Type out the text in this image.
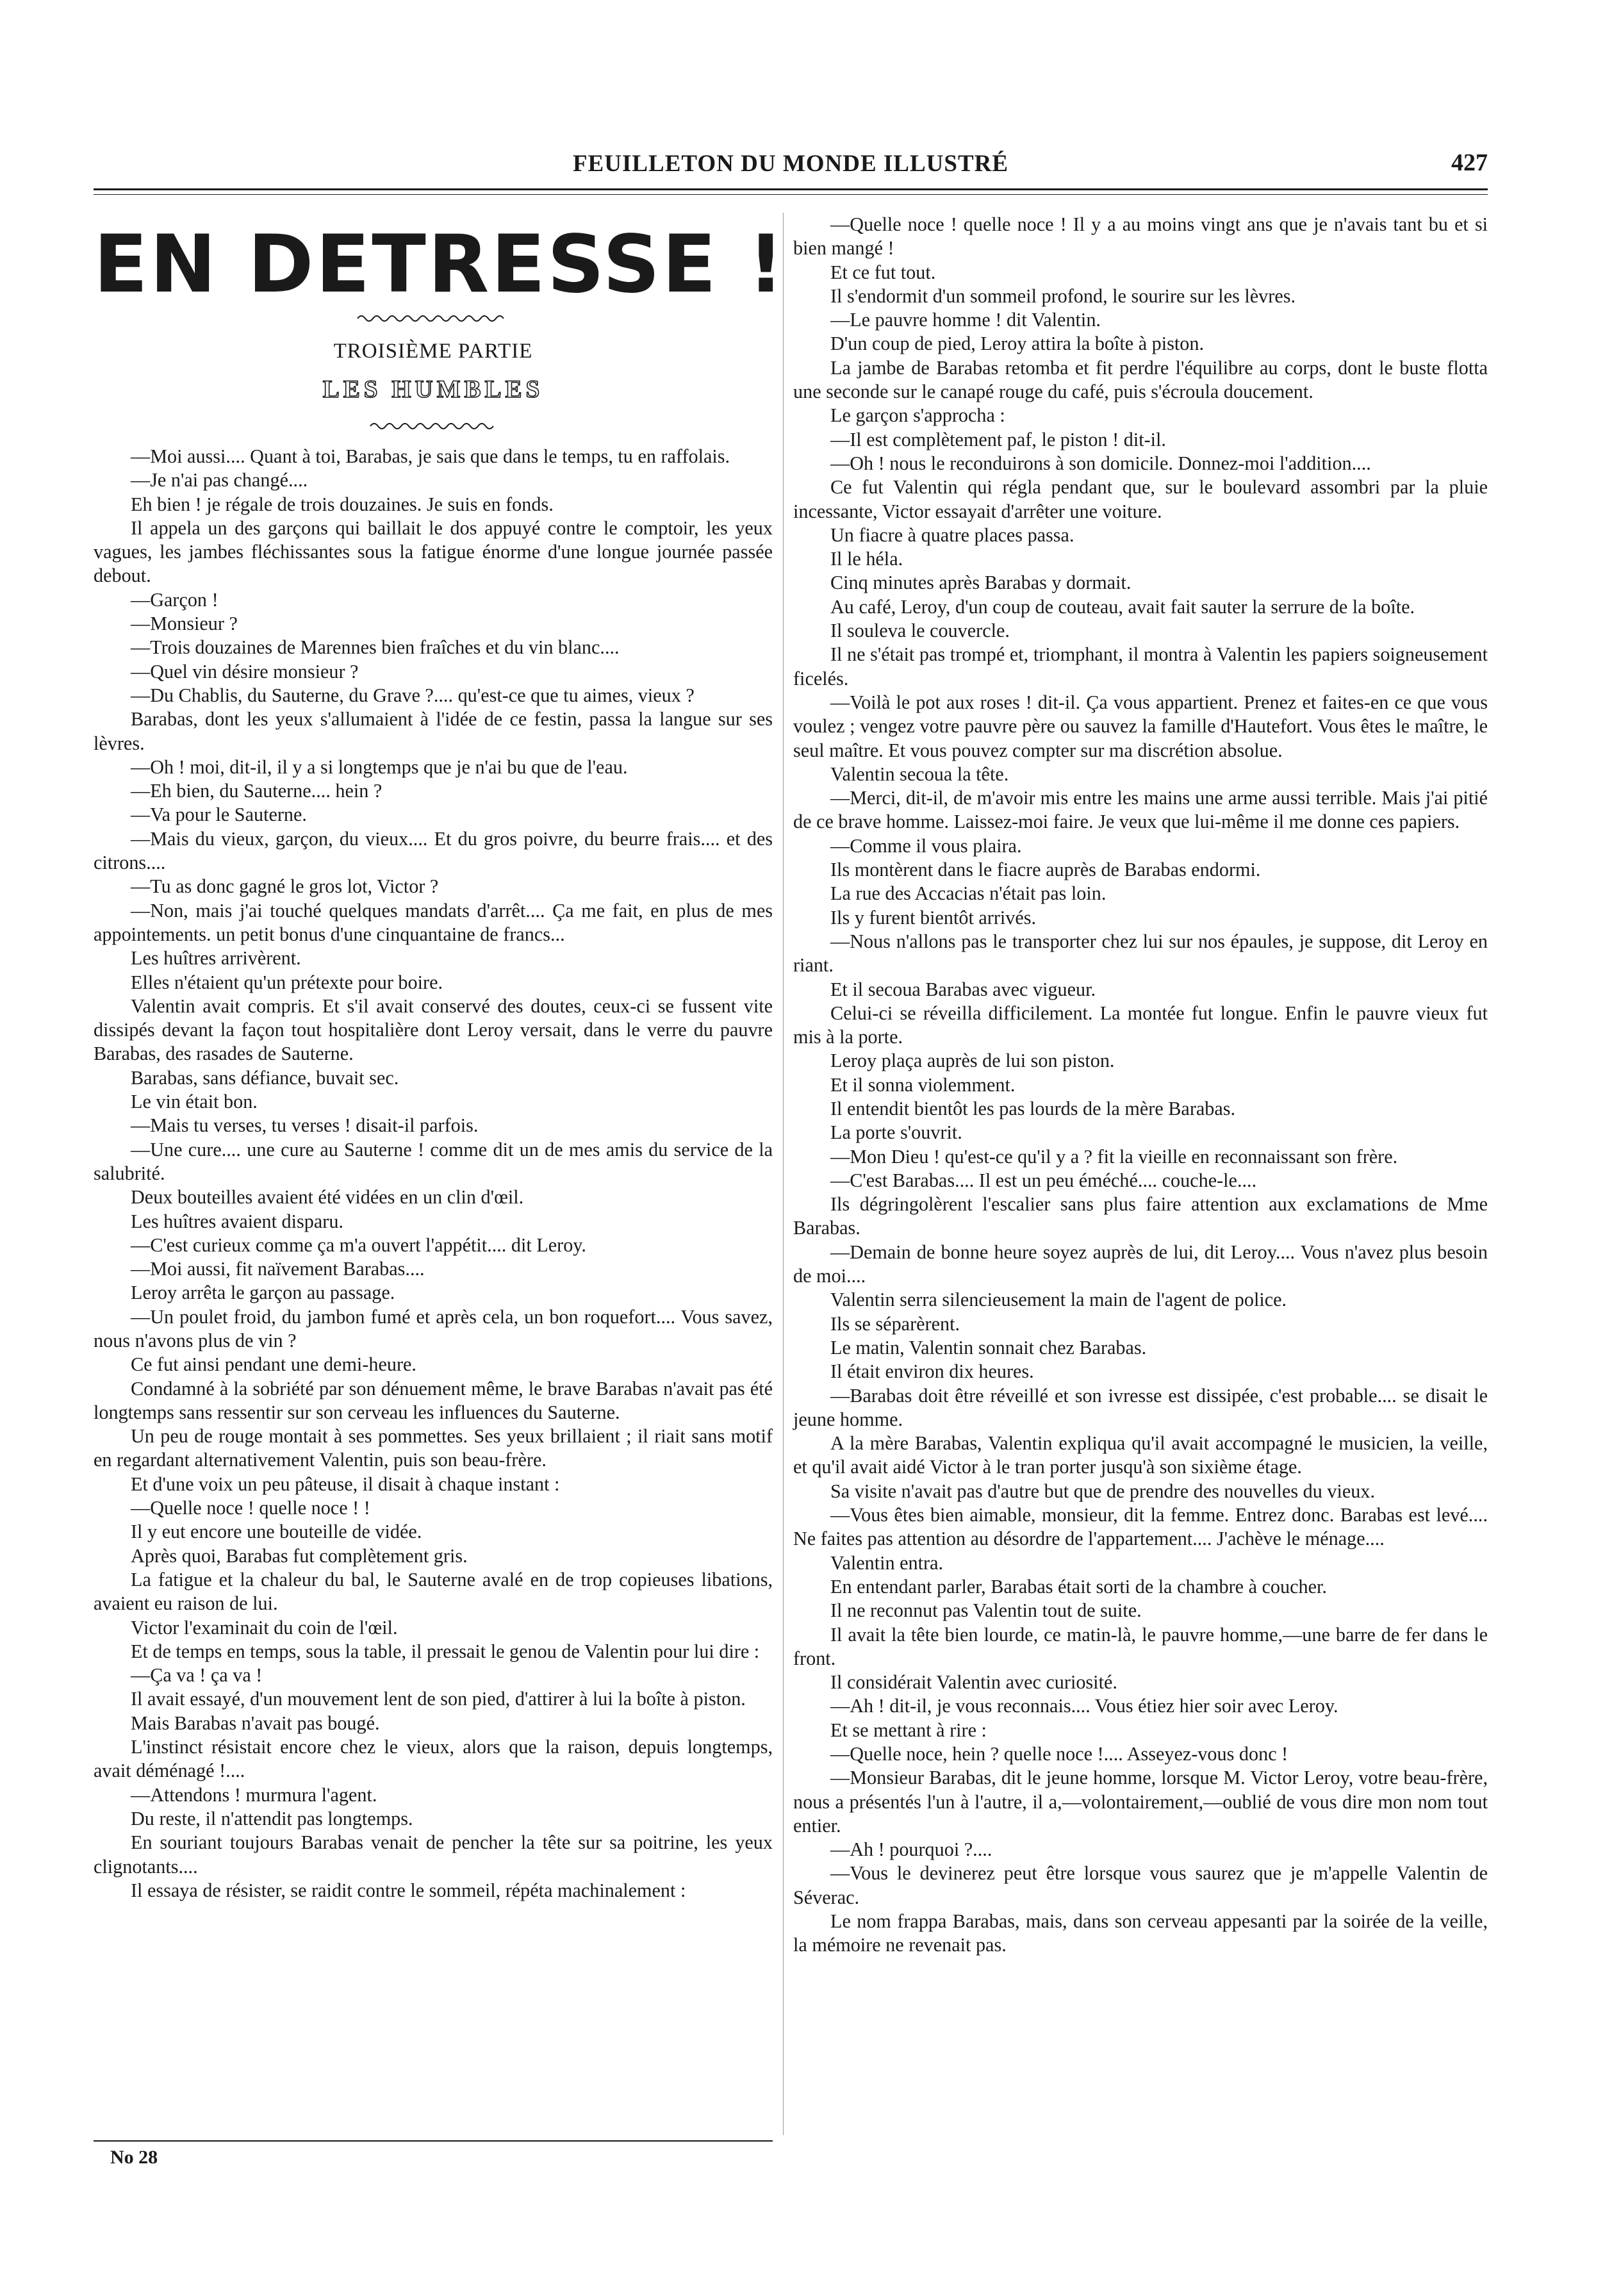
FEUILLETON DU MONDE ILLUSTRÉ	427
EN DETRESSE !
TROISIÈME PARTIE
LES HUMBLES

—Moi aussi.... Quant à toi, Barabas, je sais que dans le temps, tu en raffolais.

—Je n'ai pas changé....

Eh bien ! je régale de trois douzaines. Je suis en fonds.

Il appela un des garçons qui baillait le dos appuyé contre le comptoir, les yeux vagues, les jambes fléchissantes sous la fatigue énorme d'une longue journée passée debout.

—Garçon !

—Monsieur ?

—Trois douzaines de Marennes bien fraîches et du vin blanc....

—Quel vin désire monsieur ?

—Du Chablis, du Sauterne, du Grave ?.... qu'est-ce que tu aimes, vieux ?

Barabas, dont les yeux s'allumaient à l'idée de ce festin, passa la langue sur ses lèvres.

—Oh ! moi, dit-il, il y a si longtemps que je n'ai bu que de l'eau.

—Eh bien, du Sauterne.... hein ?

—Va pour le Sauterne.

—Mais du vieux, garçon, du vieux.... Et du gros poivre, du beurre frais.... et des citrons....

—Tu as donc gagné le gros lot, Victor ?

—Non, mais j'ai touché quelques mandats d'arrêt.... Ça me fait, en plus de mes appointements. un petit bonus d'une cinquantaine de francs...

Les huîtres arrivèrent.

Elles n'étaient qu'un prétexte pour boire.

Valentin avait compris. Et s'il avait conservé des doutes, ceux-ci se fussent vite dissipés devant la façon tout hospitalière dont Leroy versait, dans le verre du pauvre Barabas, des rasades de Sauterne.

Barabas, sans défiance, buvait sec.

Le vin était bon.

—Mais tu verses, tu verses ! disait-il parfois.

—Une cure.... une cure au Sauterne ! comme dit un de mes amis du service de la salubrité.

Deux bouteilles avaient été vidées en un clin d'œil.

Les huîtres avaient disparu.

—C'est curieux comme ça m'a ouvert l'appétit.... dit Leroy.

—Moi aussi, fit naïvement Barabas....

Leroy arrêta le garçon au passage.

—Un poulet froid, du jambon fumé et après cela, un bon roquefort.... Vous savez, nous n'avons plus de vin ?

Ce fut ainsi pendant une demi-heure.

Condamné à la sobriété par son dénuement même, le brave Barabas n'avait pas été longtemps sans ressentir sur son cerveau les influences du Sauterne.

Un peu de rouge montait à ses pommettes. Ses yeux brillaient ; il riait sans motif en regardant alternativement Valentin, puis son beau-frère.

Et d'une voix un peu pâteuse, il disait à chaque instant :

—Quelle noce ! quelle noce ! !

Il y eut encore une bouteille de vidée.

Après quoi, Barabas fut complètement gris.

La fatigue et la chaleur du bal, le Sauterne avalé en de trop copieuses libations, avaient eu raison de lui.

Victor l'examinait du coin de l'œil.

Et de temps en temps, sous la table, il pressait le genou de Valentin pour lui dire :

—Ça va ! ça va !

Il avait essayé, d'un mouvement lent de son pied, d'attirer à lui la boîte à piston.

Mais Barabas n'avait pas bougé.

L'instinct résistait encore chez le vieux, alors que la raison, depuis longtemps, avait déménagé !....

—Attendons ! murmura l'agent.

Du reste, il n'attendit pas longtemps.

En souriant toujours Barabas venait de pencher la tête sur sa poitrine, les yeux clignotants....

Il essaya de résister, se raidit contre le sommeil, répéta machinalement :

—Quelle noce ! quelle noce ! Il y a au moins vingt ans que je n'avais tant bu et si bien mangé !

Et ce fut tout.

Il s'endormit d'un sommeil profond, le sourire sur les lèvres.

—Le pauvre homme ! dit Valentin.

D'un coup de pied, Leroy attira la boîte à piston.

La jambe de Barabas retomba et fit perdre l'équilibre au corps, dont le buste flotta une seconde sur le canapé rouge du café, puis s'écroula doucement.

Le garçon s'approcha :

—Il est complètement paf, le piston ! dit-il.

—Oh ! nous le reconduirons à son domicile. Donnez-moi l'addition....

Ce fut Valentin qui régla pendant que, sur le boulevard assombri par la pluie incessante, Victor essayait d'arrêter une voiture.

Un fiacre à quatre places passa.

Il le héla.

Cinq minutes après Barabas y dormait.

Au café, Leroy, d'un coup de couteau, avait fait sauter la serrure de la boîte.

Il souleva le couvercle.

Il ne s'était pas trompé et, triomphant, il montra à Valentin les papiers soigneusement ficelés.

—Voilà le pot aux roses ! dit-il. Ça vous appartient. Prenez et faites-en ce que vous voulez ; vengez votre pauvre père ou sauvez la famille d'Hautefort. Vous êtes le maître, le seul maître. Et vous pouvez compter sur ma discrétion absolue.

Valentin secoua la tête.

—Merci, dit-il, de m'avoir mis entre les mains une arme aussi terrible. Mais j'ai pitié de ce brave homme. Laissez-moi faire. Je veux que lui-même il me donne ces papiers.

—Comme il vous plaira.

Ils montèrent dans le fiacre auprès de Barabas endormi.

La rue des Accacias n'était pas loin.

Ils y furent bientôt arrivés.

—Nous n'allons pas le transporter chez lui sur nos épaules, je suppose, dit Leroy en riant.

Et il secoua Barabas avec vigueur.

Celui-ci se réveilla difficilement. La montée fut longue. Enfin le pauvre vieux fut mis à la porte.

Leroy plaça auprès de lui son piston.

Et il sonna violemment.

Il entendit bientôt les pas lourds de la mère Barabas.

La porte s'ouvrit.

—Mon Dieu ! qu'est-ce qu'il y a ? fit la vieille en reconnaissant son frère.

—C'est Barabas.... Il est un peu éméché.... couche-le....

Ils dégringolèrent l'escalier sans plus faire attention aux exclamations de Mme Barabas.

—Demain de bonne heure soyez auprès de lui, dit Leroy.... Vous n'avez plus besoin de moi....

Valentin serra silencieusement la main de l'agent de police.

Ils se séparèrent.

Le matin, Valentin sonnait chez Barabas.

Il était environ dix heures.

—Barabas doit être réveillé et son ivresse est dissipée, c'est probable.... se disait le jeune homme.

A la mère Barabas, Valentin expliqua qu'il avait accompagné le musicien, la veille, et qu'il avait aidé Victor à le tran porter jusqu'à son sixième étage.

Sa visite n'avait pas d'autre but que de prendre des nouvelles du vieux.

—Vous êtes bien aimable, monsieur, dit la femme. Entrez donc. Barabas est levé.... Ne faites pas attention au désordre de l'appartement.... J'achève le ménage....

Valentin entra.

En entendant parler, Barabas était sorti de la chambre à coucher.

Il ne reconnut pas Valentin tout de suite.

Il avait la tête bien lourde, ce matin-là, le pauvre homme,—une barre de fer dans le front.

Il considérait Valentin avec curiosité.

—Ah ! dit-il, je vous reconnais.... Vous étiez hier soir avec Leroy.

Et se mettant à rire :

—Quelle noce, hein ? quelle noce !.... Asseyez-vous donc !

—Monsieur Barabas, dit le jeune homme, lorsque M. Victor Leroy, votre beau-frère, nous a présentés l'un à l'autre, il a,—volontairement,—oublié de vous dire mon nom tout entier.

—Ah ! pourquoi ?....

—Vous le devinerez peut être lorsque vous saurez que je m'appelle Valentin de Séverac.

Le nom frappa Barabas, mais, dans son cerveau appesanti par la soirée de la veille, la mémoire ne revenait pas.

No 28
